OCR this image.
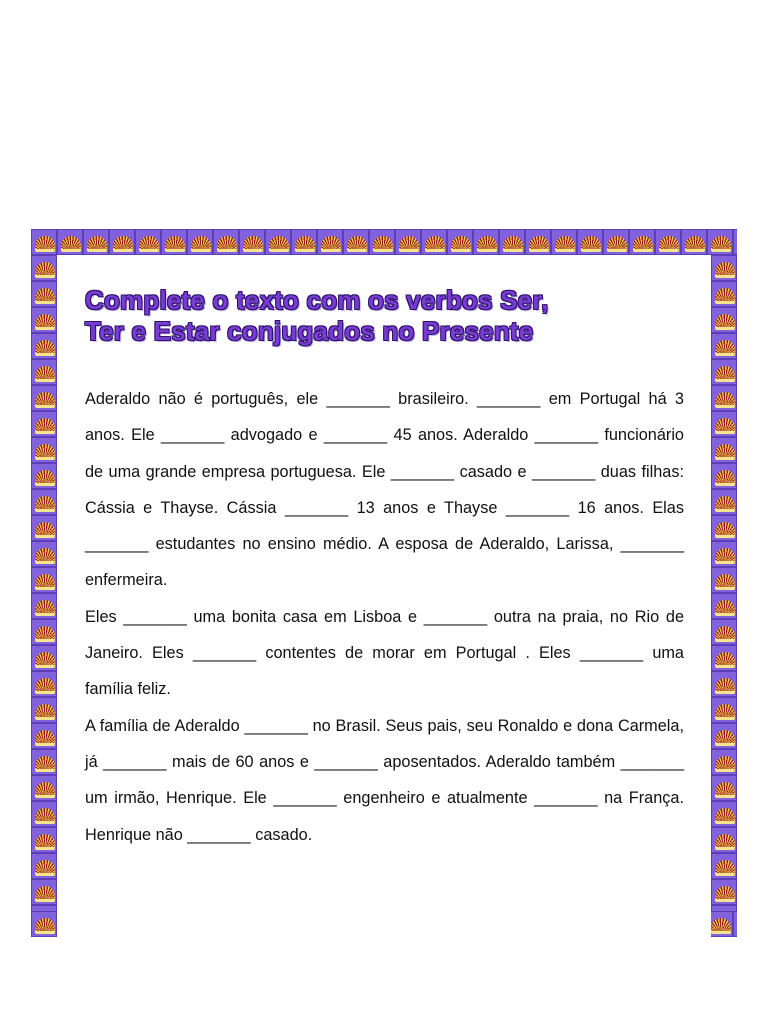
Complete o texto com os verbos Ser,
Ter e Estar conjugados no Presente

Aderaldo não é português, ele _______ brasileiro. _______ em Portugal há 3 anos. Ele _______ advogado e _______ 45 anos. Aderaldo _______ funcionário de uma grande empresa portuguesa. Ele _______ casado e _______ duas filhas: Cássia e Thayse. Cássia _______ 13 anos e Thayse _______ 16 anos. Elas _______ estudantes no ensino médio. A esposa de Aderaldo, Larissa, _______ enfermeira.

Eles _______ uma bonita casa em Lisboa e _______ outra na praia, no Rio de Janeiro. Eles _______ contentes de morar em Portugal . Eles _______ uma família feliz.

A família de Aderaldo _______ no Brasil. Seus pais, seu Ronaldo e dona Carmela, já _______ mais de 60 anos e _______ aposentados. Aderaldo também _______ um irmão, Henrique. Ele _______ engenheiro e atualmente _______ na França. Henrique não _______ casado.
